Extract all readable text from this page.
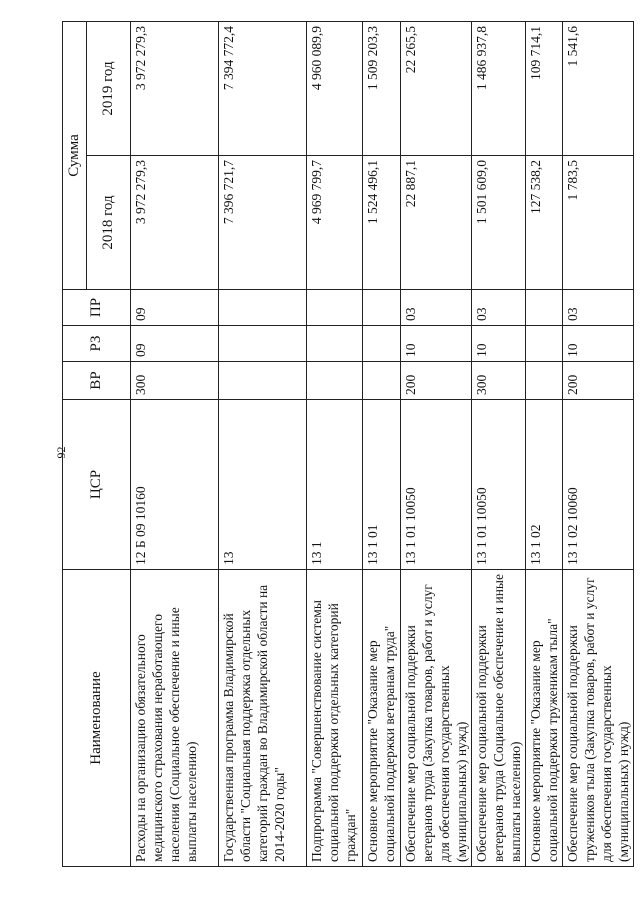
92
Наименование	ЦСР	ВР	РЗ	ПР	Сумма	
					2018 год	2019 год
Расходы на организацию обязательного медицинского страхования неработающего населения (Социальное обеспечение и иные выплаты населению)	12 Б 09 10160	300	09	09	3 972 279,3	3 972 279,3
Государственная программа Владимирской области "Социальная поддержка отдельных категорий граждан во Владимирской области на 2014-2020 годы"	13				7 396 721,7	7 394 772,4
Подпрограмма "Совершенствование системы социальной поддержки отдельных категорий граждан"	13 1				4 969 799,7	4 960 089,9
Основное мероприятие "Оказание мер социальной поддержки ветеранам труда"	13 1 01				1 524 496,1	1 509 203,3
Обеспечение мер социальной поддержки ветеранов труда (Закупка товаров, работ и услуг для обеспечения государственных (муниципальных) нужд)	13 1 01 10050	200	10	03	22 887,1	22 265,5
Обеспечение мер социальной поддержки ветеранов труда (Социальное обеспечение и иные выплаты населению)	13 1 01 10050	300	10	03	1 501 609,0	1 486 937,8
Основное мероприятие "Оказание мер социальной поддержки труженикам тыла"	13 1 02				127 538,2	109 714,1
Обеспечение мер социальной поддержки тружеников тыла (Закупка товаров, работ и услуг для обеспечения государственных (муниципальных) нужд)	13 1 02 10060	200	10	03	1 783,5	1 541,6
